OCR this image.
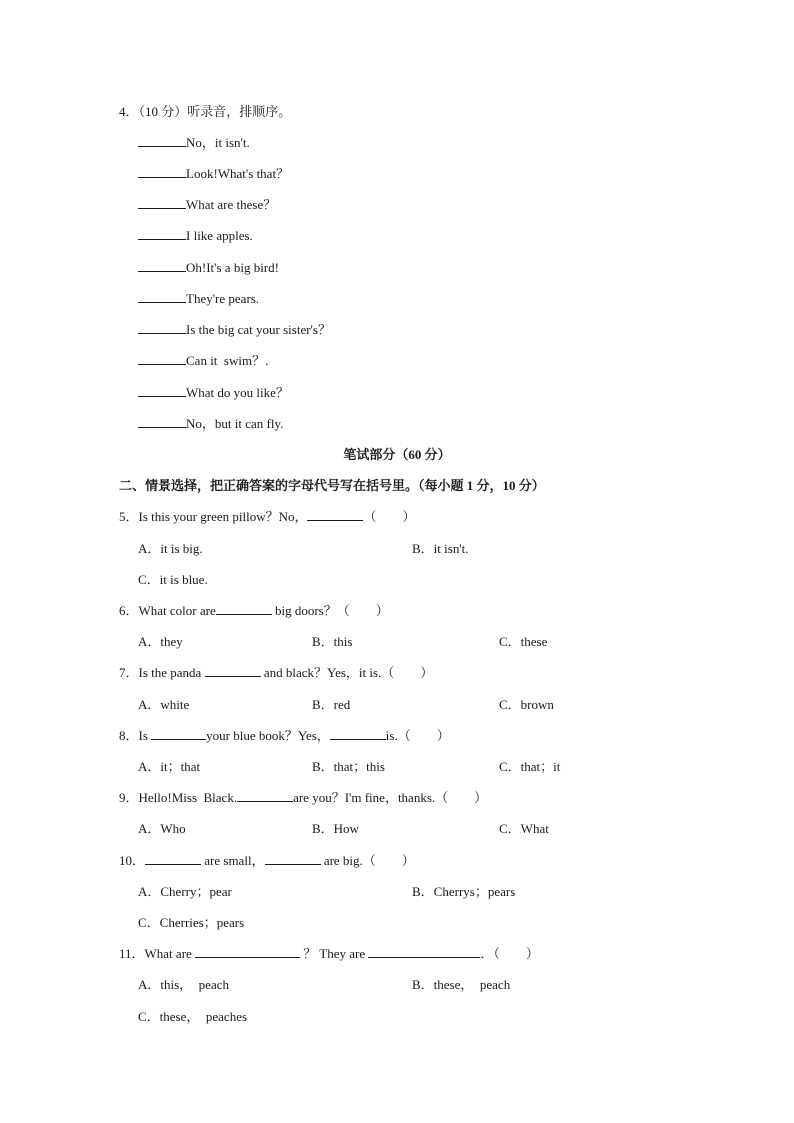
4．（10 分）听录音，排顺序。
No，it isn't.
Look!What's that？
What are these？
I like apples.
Oh!It's a big bird!
They're pears.
Is the big cat your sister's？
Can it  swim？.
What do you like？
No，but it can fly.
笔试部分（60 分）
二、情景选择，把正确答案的字母代号写在括号里。（每小题 1 分，10 分）
5．Is this your green pillow？No，	（　　）
A．it is big.	B．it isn't.
C．it is blue.
6．What color are	big doors？（　　）
A．they	B．this	C．these
7．Is the panda	and black？Yes，it is.（　　）
A．white	B．red	C．brown
8．Is	your blue book？Yes，	is.（　　）
A．it；that	B．that；this	C．that；it
9．Hello!Miss  Black.	are you？I'm fine，thanks.（　　）
A．Who	B．How	C．What
10．	are small，	are big.（　　）
A．Cherry；pear	B．Cherrys；pears
C．Cherries；pears
11．What are	？ They are	．（　　）
A．this，  peach	B．these，  peach
C．these，  peaches
